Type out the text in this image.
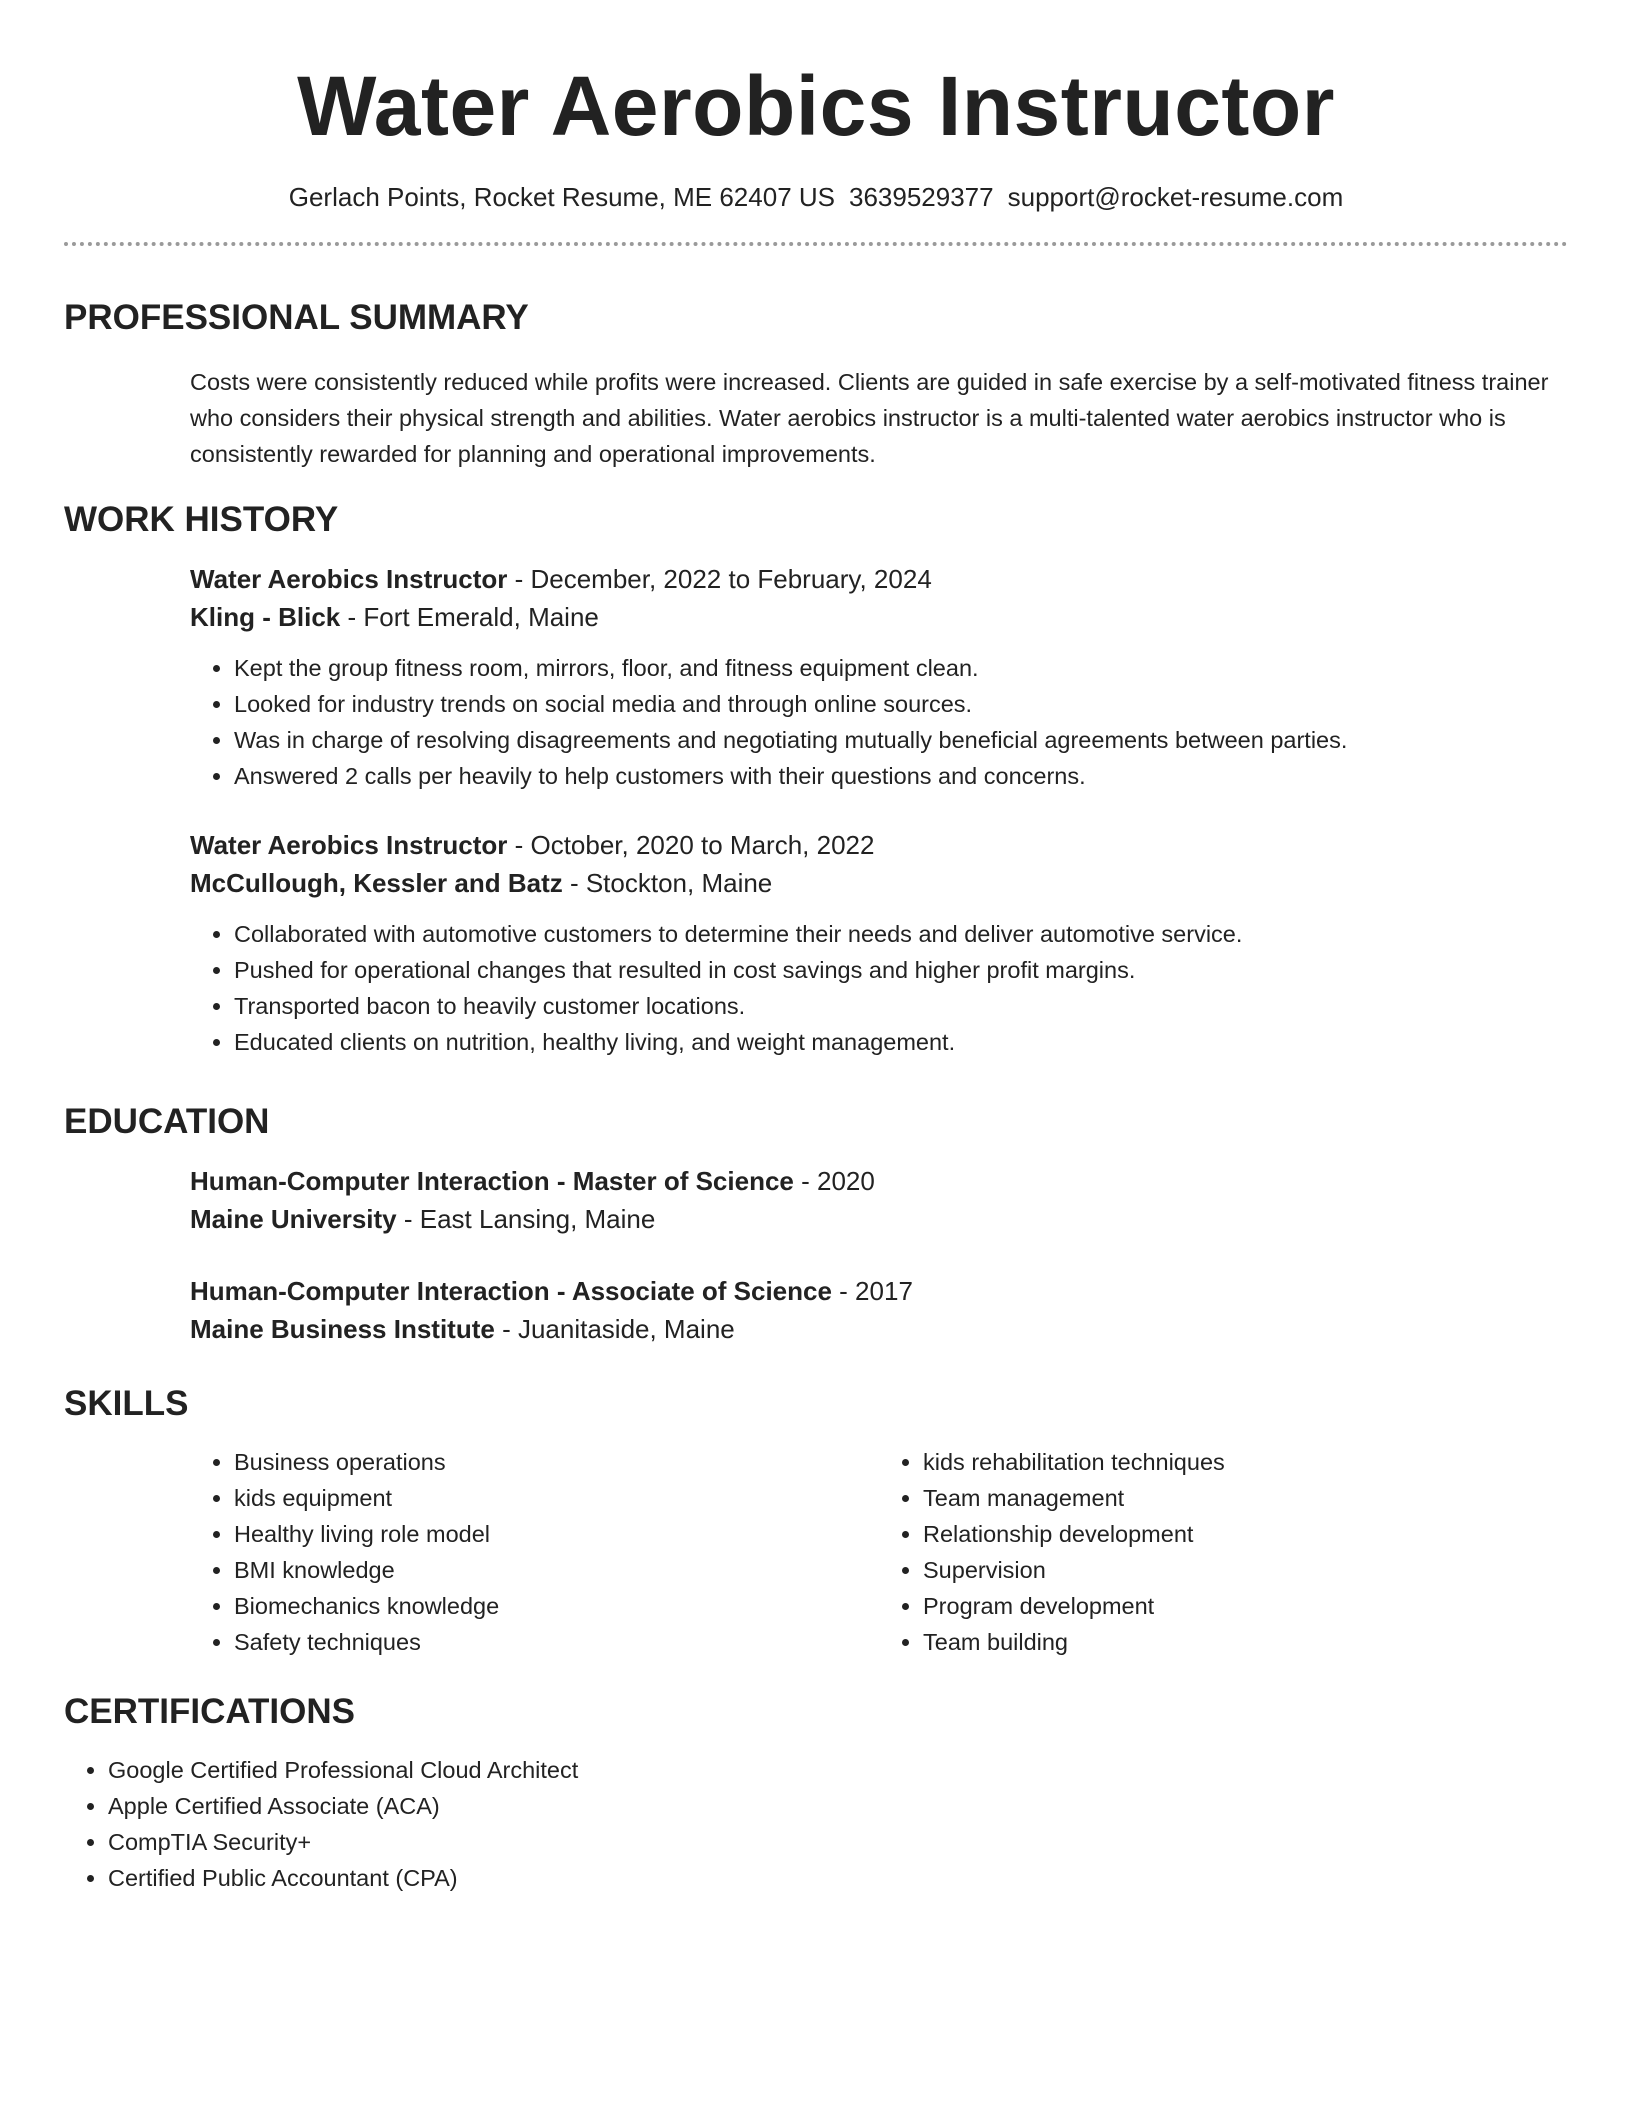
Water Aerobics Instructor
Gerlach Points, Rocket Resume, ME 62407 US 3639529377 support@rocket-resume.com
PROFESSIONAL SUMMARY

Costs were consistently reduced while profits were increased. Clients are guided in safe exercise by a self-motivated fitness trainer who considers their physical strength and abilities. Water aerobics instructor is a multi-talented water aerobics instructor who is consistently rewarded for planning and operational improvements.

WORK HISTORY
Water Aerobics Instructor - December, 2022 to February, 2024
Kling - Blick - Fort Emerald, Maine
• Kept the group fitness room, mirrors, floor, and fitness equipment clean.
• Looked for industry trends on social media and through online sources.
• Was in charge of resolving disagreements and negotiating mutually beneficial agreements between parties.
• Answered 2 calls per heavily to help customers with their questions and concerns.
Water Aerobics Instructor - October, 2020 to March, 2022
McCullough, Kessler and Batz - Stockton, Maine
• Collaborated with automotive customers to determine their needs and deliver automotive service.
• Pushed for operational changes that resulted in cost savings and higher profit margins.
• Transported bacon to heavily customer locations.
• Educated clients on nutrition, healthy living, and weight management.
EDUCATION
Human-Computer Interaction - Master of Science - 2020
Maine University - East Lansing, Maine
Human-Computer Interaction - Associate of Science - 2017
Maine Business Institute - Juanitaside, Maine
SKILLS
• Business operations
• kids equipment
• Healthy living role model
• BMI knowledge
• Biomechanics knowledge
• Safety techniques
• kids rehabilitation techniques
• Team management
• Relationship development
• Supervision
• Program development
• Team building
CERTIFICATIONS
• Google Certified Professional Cloud Architect
• Apple Certified Associate (ACA)
• CompTIA Security+
• Certified Public Accountant (CPA)
